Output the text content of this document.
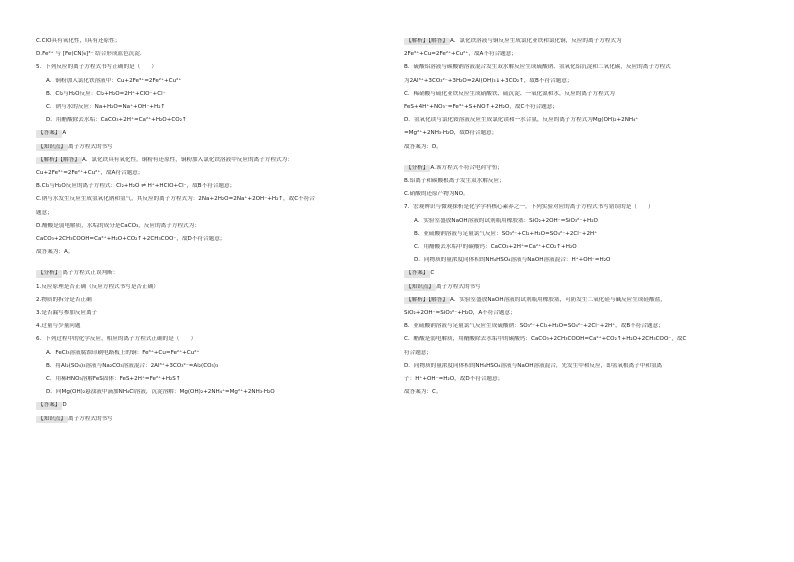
C.ClO具有氧化性，I具有还原性；
D.Fe²⁺ 与 [Fe(CN)₆]³⁻ 结合形成蓝色沉淀．
5．下列反应的离子方程式书写正确的是（　　）
A．铜粉加入氯化铁溶液中：Cu+2Fe³⁺=2Fe²⁺+Cu²⁺
B．Cl₂与H₂O反应：Cl₂+H₂O=2H⁺+ClO⁻+Cl⁻
C．钠与水的反应：Na+H₂O=Na⁺+OH⁻+H₂↑
D．用醋酸除去水垢：CaCO₃+2H⁺=Ca²⁺+H₂O+CO₂↑
【答案】 A
【知识点】 离子方程式的书写
【解析】【解答】 A．氯化铁具有氧化性，铜粉有还原性，铜粉加入氯化铁溶液中反应的离子方程式为：
Cu+2Fe³⁺=2Fe²⁺+Cu²⁺，故A符合题意；
B.Cl₂与H₂O反应的离子方程式：Cl₂+H₂O ⇌ H⁺+HClO+Cl⁻，故B不符合题意；
C.钠与水发生反应生成氢氧化钠和氢气，其反应的离子方程式为：2Na+2H₂O=2Na⁺+2OH⁻+H₂↑，故C不符合
题意；
D.醋酸是弱电解质，水垢的成分是CaCO₃，反应的离子方程式为：
CaCO₃+2CH₃COOH=Ca²⁺+H₂O+CO₂↑+2CH₃COO⁻，故D不符合题意；
故答案为：A。
【分析】 离子方程式正误判断：
1.反应原理是否正确（反应方程式书写是否正确）
2.物质的拆分是否正确
3.是否漏写参加反应离子
4.过量与少量问题
6．下列过程中的化学反应，相应的离子方程式正确的是（　　）
A．FeCl₃溶液腐蚀印刷电路板上的铜：Fe³⁺+Cu=Fe²⁺+Cu²⁺
B．将Al₂(SO₄)₃溶液与Na₂CO₃溶液混合：2Al³⁺+3CO₃²⁻=Al₂(CO₃)₃
C．用稀HNO₃溶解FeS固体：FeS+2H⁺=Fe²⁺+H₂S↑
D．向Mg(OH)₂悬浊液中滴加NH₄Cl溶液，沉淀溶解：Mg(OH)₂+2NH₄⁺=Mg²⁺+2NH₃·H₂O
【答案】 D
【知识点】 离子方程式的书写
【解析】【解答】 A．氯化铁溶液与铜反应生成氯化亚铁和氯化铜，反应的离子方程式为
2Fe³⁺+Cu=2Fe²⁺+Cu²⁺，故A不符合题意；
B．硫酸铝溶液与碳酸钠溶液混合发生双水解反应生成硫酸钠、氢氧化铝沉淀和二氧化碳，反应的离子方程式
为2Al³⁺+3CO₃²⁻+3H₂O=2Al(OH)₃↓+3CO₂↑，故B不符合题意；
C．稀硝酸与硫化亚铁反应生成硝酸铁、硫沉淀、一氧化氮和水，反应的离子方程式为
FeS+4H⁺+NO₃⁻=Fe³⁺+S+NO↑+2H₂O，故C不符合题意；
D．氢氧化镁与氯化铵溶液反应生成氯化镁和一水合氨，反应的离子方程式为Mg(OH)₂+2NH₄⁺
=Mg²⁺+2NH₃·H₂O，故D符合题意；
故答案为：D。
【分析】 A.该方程式不符合电荷守恒；
B.铝离子和碳酸根离子发生双水解反应；
C.硝酸的还原产物为NO。
7．宏观辨识与微观探析是化学学科核心素养之一。下列实验对应的离子方程式书写错误的是（　　）
A．实验室盛放NaOH溶液的试剂瓶用橡胶塞：SiO₂+2OH⁻=SiO₃²⁻+H₂O
B．亚硫酸钠溶液与足量氯气反应：SO₃²⁻+Cl₂+H₂O=SO₄²⁻+2Cl⁻+2H⁺
C．用醋酸去水垢中的碳酸钙：CaCO₃+2H⁺=Ca²⁺+CO₂↑+H₂O
D．同物质的量浓度同体积的NH₄HSO₄溶液与NaOH溶液混合：H⁺+OH⁻=H₂O
【答案】 C
【知识点】 离子方程式的书写
【解析】【解答】 A．实验室盛放NaOH溶液的试剂瓶用橡胶塞，可防发生二氧化硅与碱反应生成硅酸盐，
SiO₂+2OH⁻=SiO₃²⁻+H₂O，A不符合题意；
B．亚硫酸钠溶液与足量氯气反应生成硫酸钠：SO₃²⁻+Cl₂+H₂O=SO₄²⁻+2Cl⁻+2H⁺，故B不符合题意；
C．醋酸是弱电解质，用醋酸除去水垢中的碳酸钙：CaCO₃+2CH₃COOH=Ca²⁺+CO₂↑+H₂O+2CH₃COO⁻，故C
符合题意；
D．同物质的量浓度同体积的NH₄HSO₄溶液与NaOH溶液混合，先发生中和反应，即氢氧根离子中和氢离
子：H⁺+OH⁻=H₂O，故D不符合题意；
故答案为：C。
